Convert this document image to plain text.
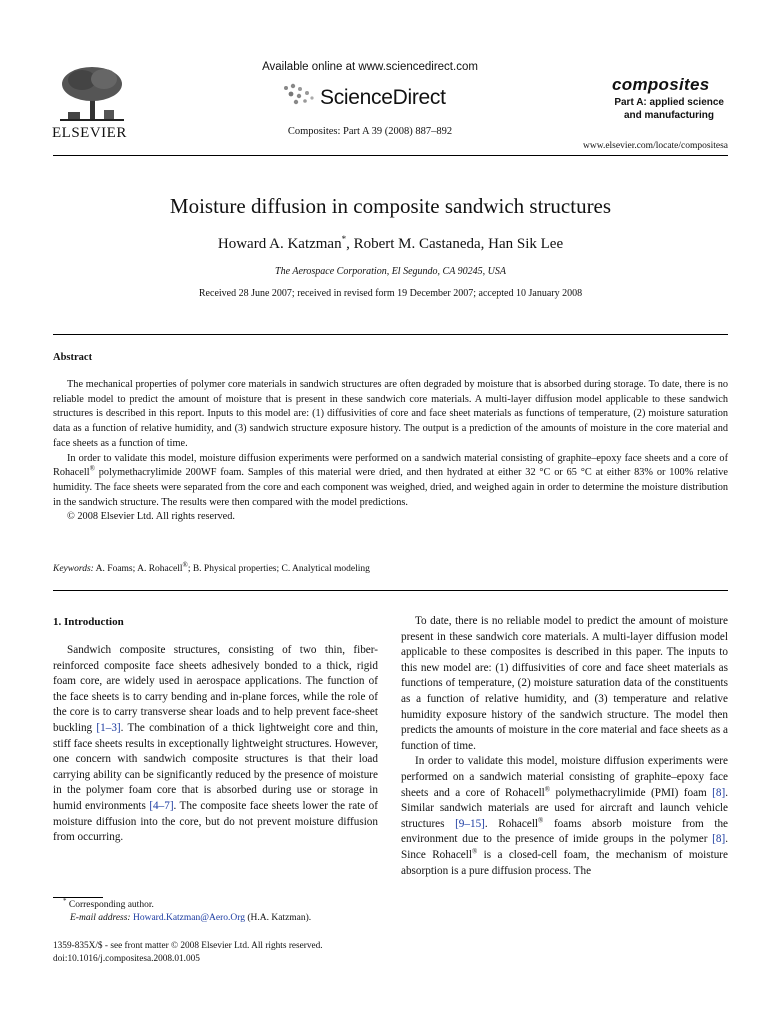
ELSEVIER
Available online at www.sciencedirect.com
ScienceDirect
Composites: Part A 39 (2008) 887–892
composites
Part A: applied science
and manufacturing
www.elsevier.com/locate/compositesa
Moisture diffusion in composite sandwich structures
Howard A. Katzman*, Robert M. Castaneda, Han Sik Lee
The Aerospace Corporation, El Segundo, CA 90245, USA
Received 28 June 2007; received in revised form 19 December 2007; accepted 10 January 2008
Abstract

The mechanical properties of polymer core materials in sandwich structures are often degraded by moisture that is absorbed during storage. To date, there is no reliable model to predict the amount of moisture that is present in these sandwich core materials. A multi-layer diffusion model applicable to these sandwich structures is described in this report. Inputs to this model are: (1) diffusivities of core and face sheet materials as functions of temperature, (2) moisture saturation data as a function of relative humidity, and (3) sandwich structure exposure history. The output is a prediction of the amounts of moisture in the core material and face sheets as a function of time.

In order to validate this model, moisture diffusion experiments were performed on a sandwich material consisting of graphite–epoxy face sheets and a core of Rohacell® polymethacrylimide 200WF foam. Samples of this material were dried, and then hydrated at either 32 °C or 65 °C at either 83% or 100% relative humidity. The face sheets were separated from the core and each component was weighed, dried, and weighed again in order to determine the moisture distribution in the sandwich structure. The results were then compared with the model predictions.

© 2008 Elsevier Ltd. All rights reserved.

Keywords: A. Foams; A. Rohacell®; B. Physical properties; C. Analytical modeling
1. Introduction

Sandwich composite structures, consisting of two thin, fiber-reinforced composite face sheets adhesively bonded to a thick, rigid foam core, are widely used in aerospace applications. The function of the face sheets is to carry bending and in-plane forces, while the role of the core is to carry transverse shear loads and to help prevent face-sheet buckling [1–3]. The combination of a thick lightweight core and thin, stiff face sheets results in exceptionally lightweight structures. However, one concern with sandwich composite structures is that their load carrying ability can be significantly reduced by the presence of moisture in the polymer foam core that is absorbed during use or storage in humid environments [4–7]. The composite face sheets lower the rate of moisture diffusion into the core, but do not prevent moisture diffusion from occurring.

* Corresponding author.
E-mail address: Howard.Katzman@Aero.Org (H.A. Katzman).
1359-835X/$ - see front matter © 2008 Elsevier Ltd. All rights reserved.
doi:10.1016/j.compositesa.2008.01.005

To date, there is no reliable model to predict the amount of moisture present in these sandwich core materials. A multi-layer diffusion model applicable to these composites is described in this paper. The inputs to this new model are: (1) diffusivities of core and face sheet materials as functions of temperature, (2) moisture saturation data of the constituents as a function of relative humidity, and (3) temperature and relative humidity exposure history of the sandwich structure. The model then predicts the amounts of moisture in the core material and face sheets as a function of time.

In order to validate this model, moisture diffusion experiments were performed on a sandwich material consisting of graphite–epoxy face sheets and a core of Rohacell® polymethacrylimide (PMI) foam [8]. Similar sandwich materials are used for aircraft and launch vehicle structures [9–15]. Rohacell® foams absorb moisture from the environment due to the presence of imide groups in the polymer [8]. Since Rohacell® is a closed-cell foam, the mechanism of moisture absorption is a pure diffusion process. The
